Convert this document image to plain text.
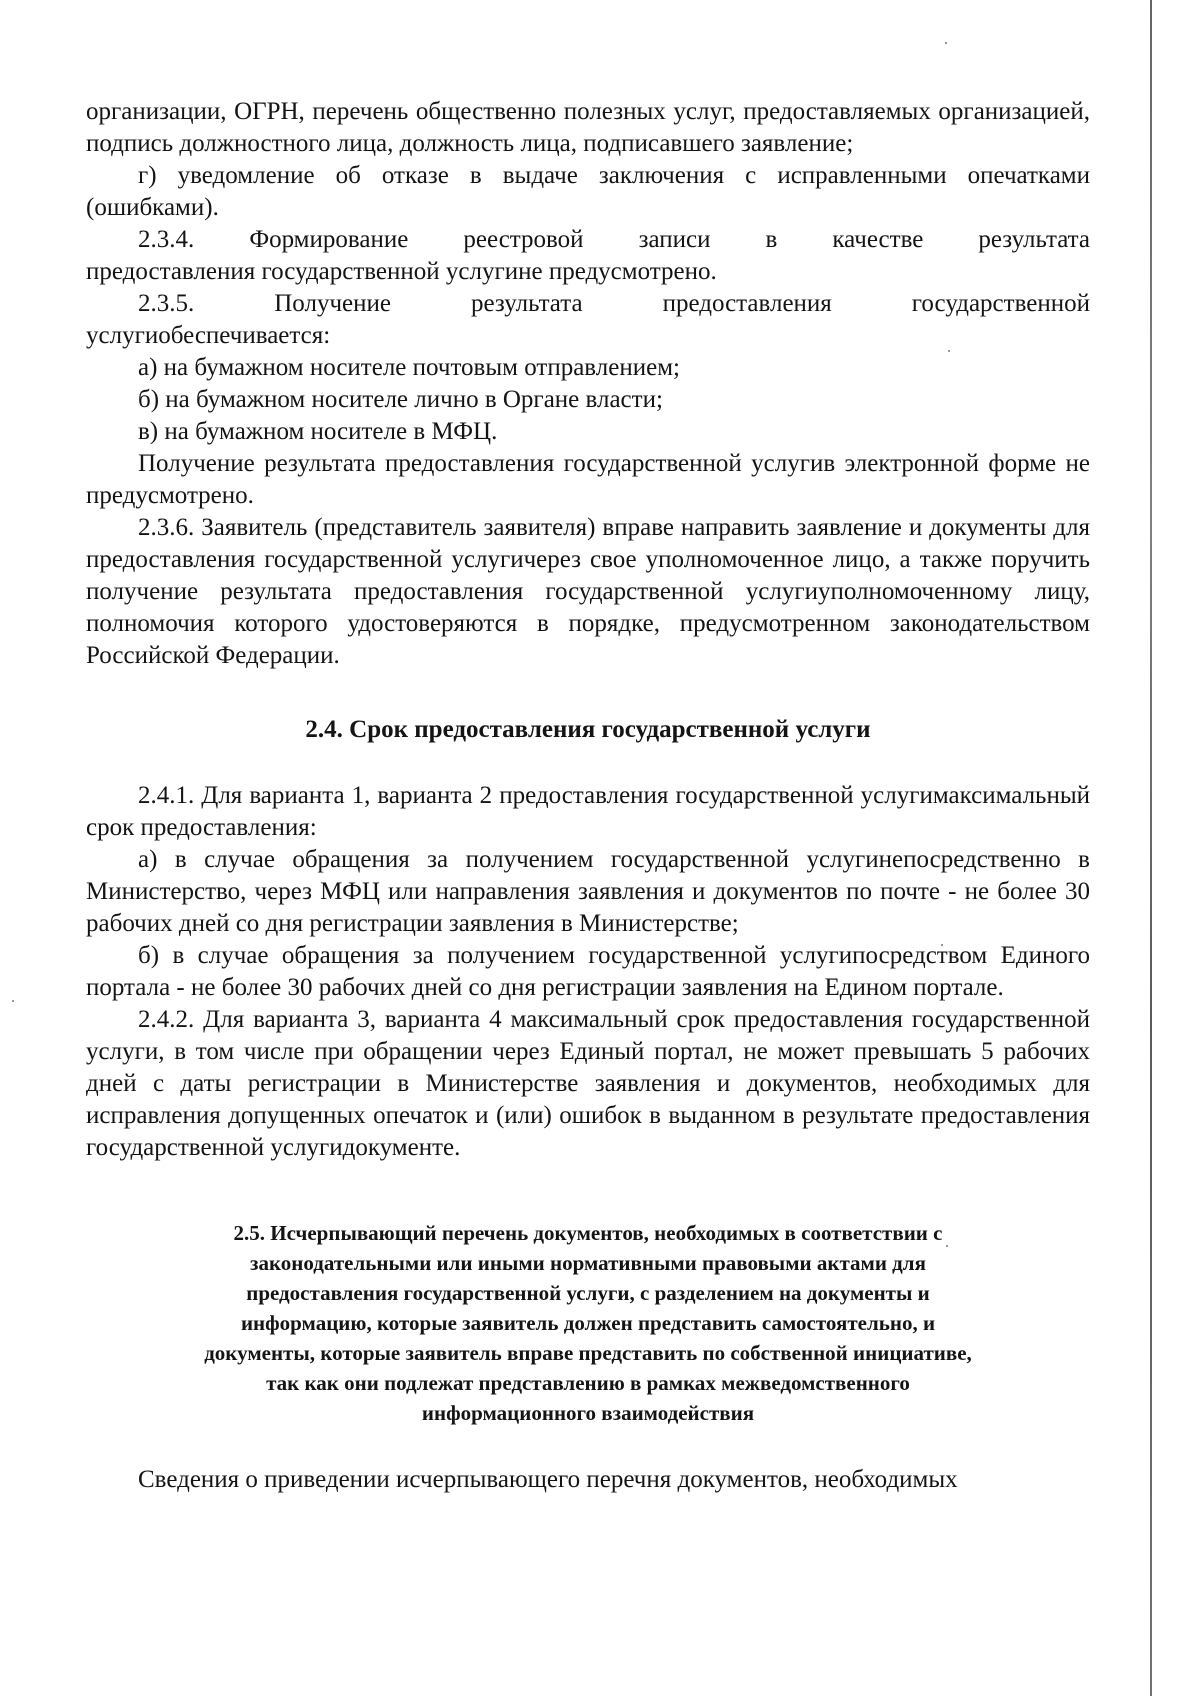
организации, ОГРН, перечень общественно полезных услуг, предоставляемых организацией, подпись должностного лица, должность лица, подписавшего заявление;

г) уведомление об отказе в выдаче заключения с исправленными опечатками (ошибками).

2.3.4. Формирование реестровой записи в качестве результата

предоставления государственной услугине предусмотрено.

2.3.5.	Получение	результата	предоставления	государственной

услугиобеспечивается:

а) на бумажном носителе почтовым отправлением;

б) на бумажном носителе лично в Органе власти;

в) на бумажном носителе в МФЦ.

Получение результата предоставления государственной услугив электронной форме не предусмотрено.

2.3.6. Заявитель (представитель заявителя) вправе направить заявление и документы для предоставления государственной услугичерез свое уполномоченное лицо, а также поручить получение результата предоставления государственной услугиуполномоченному лицу, полномочия которого удостоверяются в порядке, предусмотренном законодательством Российской Федерации.

2.4. Срок предоставления государственной услуги

2.4.1. Для варианта 1, варианта 2 предоставления государственной услугимаксимальный срок предоставления:

а) в случае обращения за получением государственной услугинепосредственно в Министерство, через МФЦ или направления заявления и документов по почте - не более 30 рабочих дней со дня регистрации заявления в Министерстве;

б) в случае обращения за получением государственной услугипосредством Единого портала - не более 30 рабочих дней со дня регистрации заявления на Едином портале.

2.4.2. Для варианта 3, варианта 4 максимальный срок предоставления государственной услуги, в том числе при обращении через Единый портал, не может превышать 5 рабочих дней с даты регистрации в Министерстве заявления и документов, необходимых для исправления допущенных опечаток и (или) ошибок в выданном в результате предоставления государственной услугидокументе.

2.5. Исчерпывающий перечень документов, необходимых в соответствии с
законодательными или иными нормативными правовыми актами для
предоставления государственной услуги, с разделением на документы и
информацию, которые заявитель должен представить самостоятельно, и
документы, которые заявитель вправе представить по собственной инициативе,
так как они подлежат представлению в рамках межведомственного
информационного взаимодействия

Сведения о приведении исчерпывающего перечня документов, необходимых
